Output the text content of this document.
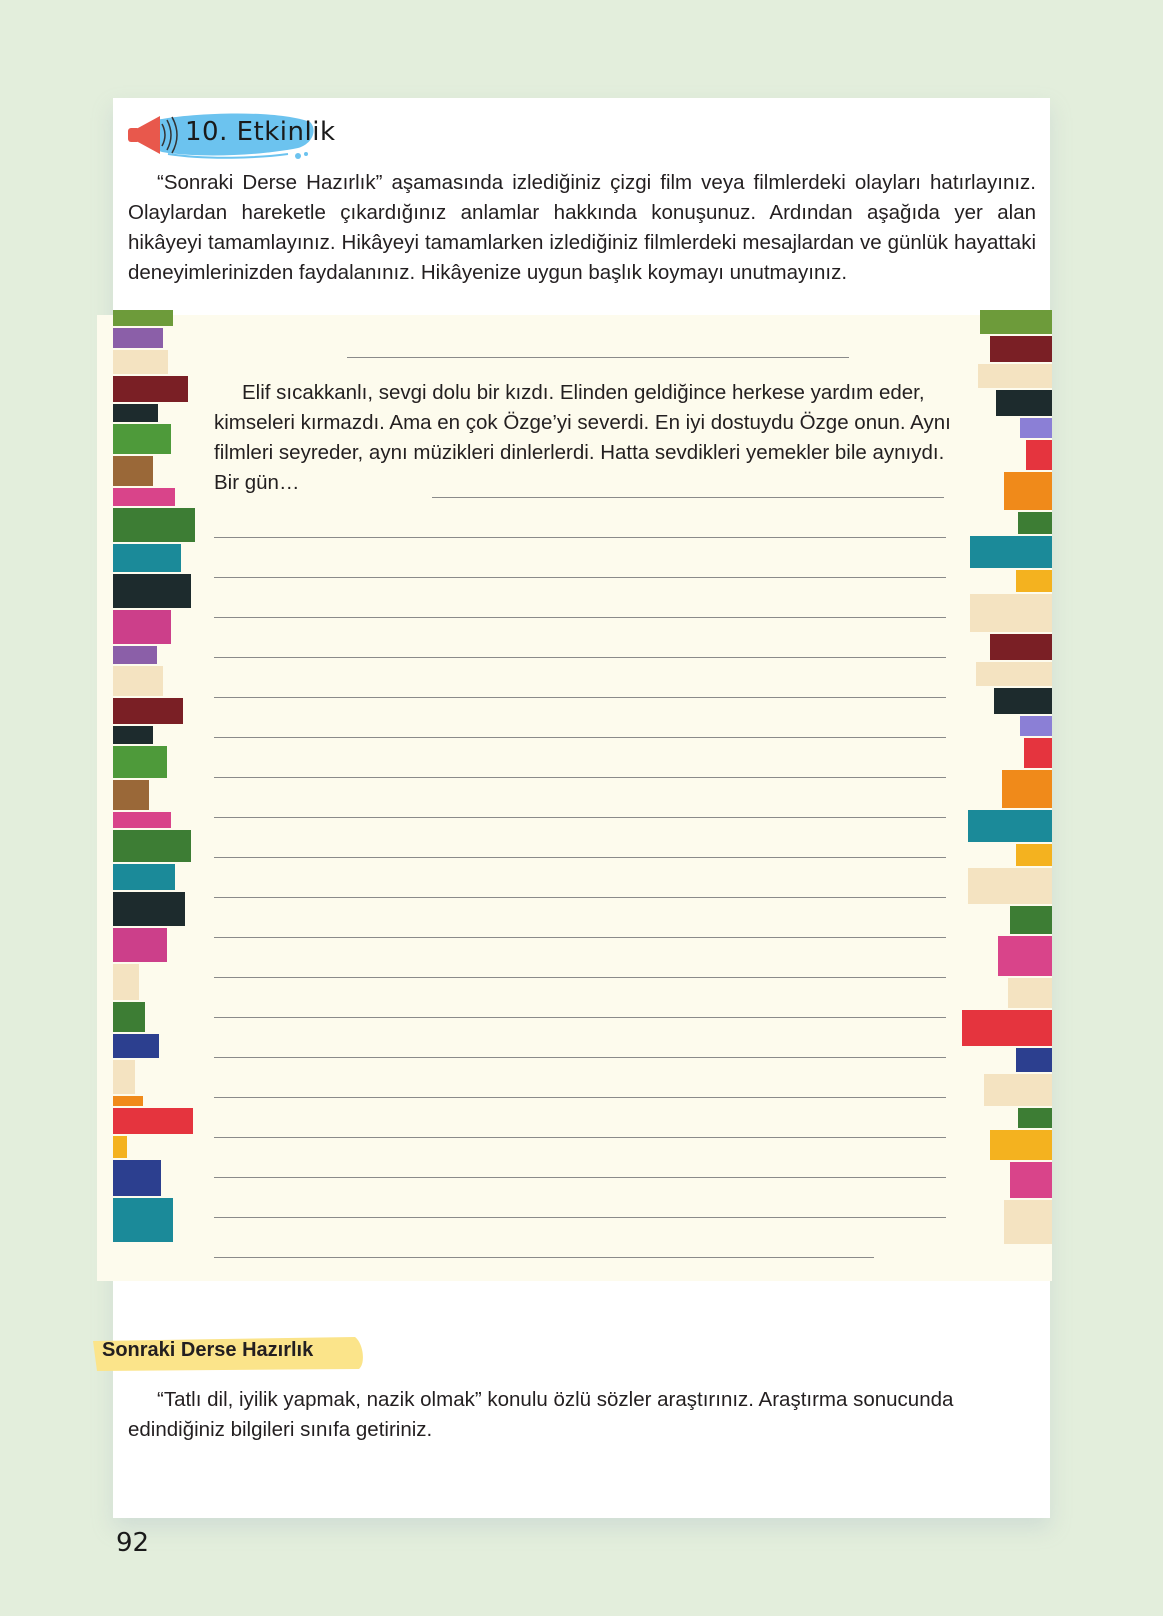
10. Etkinlik
“Sonraki Derse Hazırlık” aşamasında izlediğiniz çizgi film veya filmlerdeki olayları hatırlayınız. Olaylardan hareketle çıkardığınız anlamlar hakkında konuşunuz. Ardından aşağıda yer alan hikâyeyi tamamlayınız. Hikâyeyi tamamlarken izlediğiniz filmlerdeki mesajlardan ve günlük hayattaki deneyimlerinizden faydalanınız. Hikâyenize uygun başlık koymayı unutmayınız.

Elif sıcakkanlı, sevgi dolu bir kızdı. Elinden geldiğince herkese yardım eder, kimseleri kırmazdı. Ama en çok Özge’yi severdi. En iyi dostuydu Özge onun. Aynı filmleri seyreder, aynı müzikleri dinlerlerdi. Hatta sevdikleri yemekler bile aynıydı. Bir gün…

Sonraki Derse Hazırlık
“Tatlı dil, iyilik yapmak, nazik olmak” konulu özlü sözler araştırınız. Araştırma sonucunda edindiğiniz bilgileri sınıfa getiriniz.
92
